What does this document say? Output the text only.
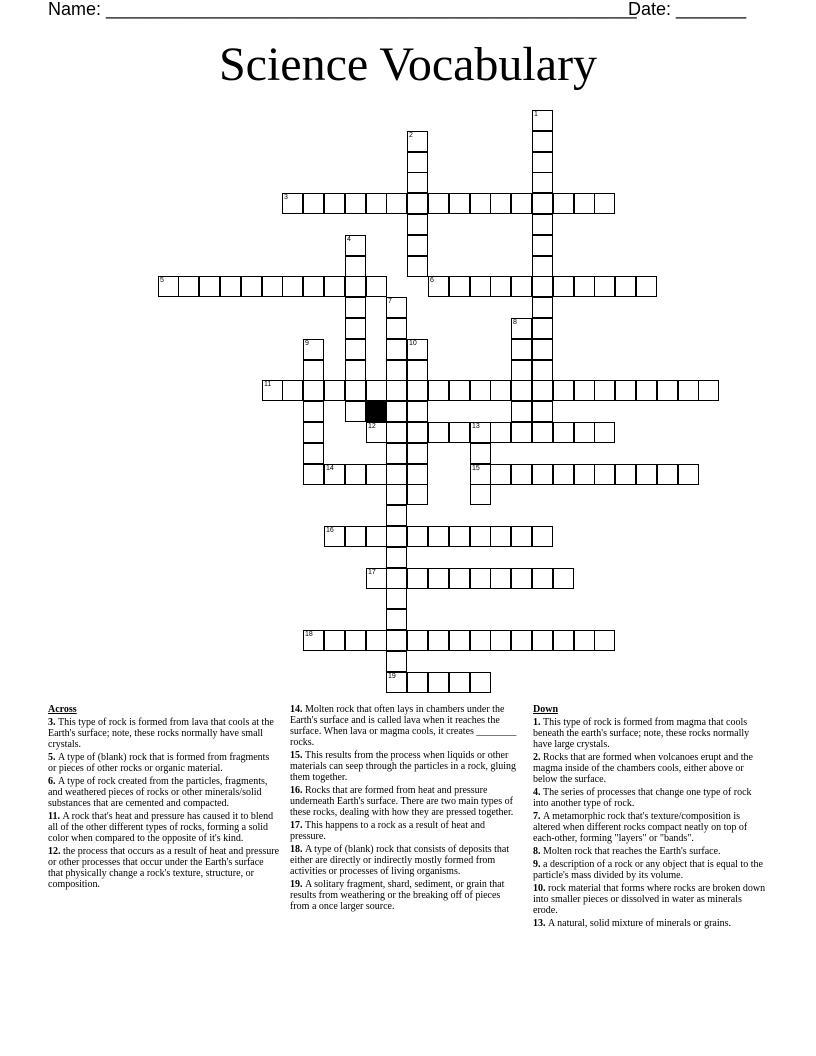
Name: _____________________________________________________
Date: _______
Science Vocabulary
1
2
3
4
5	6
7
19
8
9	10
11
12	13
15
14
16
17
18
Across
3. This type of rock is formed from lava that cools at the Earth's surface; note, these rocks normally have small crystals.
5. A type of (blank) rock that is formed from fragments or pieces of other rocks or organic material.
6. A type of rock created from the particles, fragments, and weathered pieces of rocks or other minerals/solid substances that are cemented and compacted.
11. A rock that's heat and pressure has caused it to blend all of the other different types of rocks, forming a solid color when compared to the opposite of it's kind.
12. the process that occurs as a result of heat and pressure or other processes that occur under the Earth's surface that physically change a rock's texture, structure, or composition.
14. Molten rock that often lays in chambers under the Earth's surface and is called lava when it reaches the surface. When lava or magma cools, it creates ________ rocks.
15. This results from the process when liquids or other materials can seep through the particles in a rock, gluing them together.
16. Rocks that are formed from heat and pressure underneath Earth's surface. There are two main types of these rocks, dealing with how they are pressed together.
17. This happens to a rock as a result of heat and pressure.
18. A type of (blank) rock that consists of deposits that either are directly or indirectly mostly formed from activities or processes of living organisms.
19. A solitary fragment, shard, sediment, or grain that results from weathering or the breaking off of pieces from a once larger source.
Down
1. This type of rock is formed from magma that cools beneath the earth's surface; note, these rocks normally have large crystals.
2. Rocks that are formed when volcanoes erupt and the magma inside of the chambers cools, either above or below the surface.
4. The series of processes that change one type of rock into another type of rock.
7. A metamorphic rock that's texture/composition is altered when different rocks compact neatly on top of each-other, forming "layers" or "bands".
8. Molten rock that reaches the Earth's surface.
9. a description of a rock or any object that is equal to the particle's mass divided by its volume.
10. rock material that forms where rocks are broken down into smaller pieces or dissolved in water as minerals erode.
13. A natural, solid mixture of minerals or grains.
